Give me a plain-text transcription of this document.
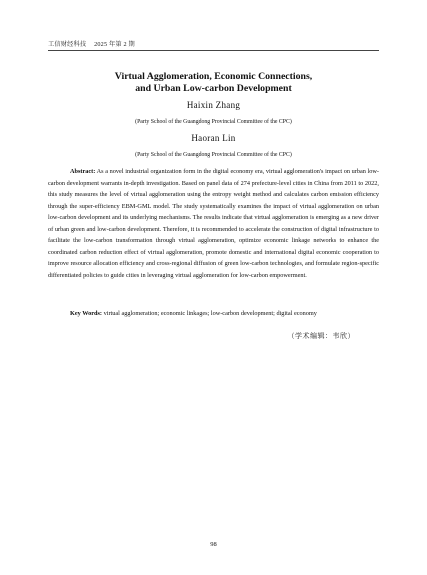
工信财经科技 2025 年第 2 期
Virtual Agglomeration, Economic Connections,
and Urban Low-carbon Development
Haixin Zhang
(Party School of the Guangdong Provincial Committee of the CPC)
Haoran Lin
(Party School of the Guangdong Provincial Committee of the CPC)

Abstract: As a novel industrial organization form in the digital economy era, virtual agglomeration's impact on urban low-carbon development warrants in-depth investigation. Based on panel data of 274 prefecture-level cities in China from 2011 to 2022, this study measures the level of virtual agglomeration using the entropy weight method and calculates carbon emission efficiency through the super-efficiency EBM-GML model. The study systematically examines the impact of virtual agglomeration on urban low-carbon development and its underlying mechanisms. The results indicate that virtual agglomeration is emerging as a new driver of urban green and low-carbon development. Therefore, it is recommended to accelerate the construction of digital infrastructure to facilitate the low-carbon transformation through virtual agglomeration, optimize economic linkage networks to enhance the coordinated carbon reduction effect of virtual agglomeration, promote domestic and international digital economic cooperation to improve resource allocation efficiency and cross-regional diffusion of green low-carbon technologies, and formulate region-specific differentiated policies to guide cities in leveraging virtual agglomeration for low-carbon empowerment.

Key Words: virtual agglomeration; economic linkages; low-carbon development; digital economy

（学术编辑：韦欣）
98
